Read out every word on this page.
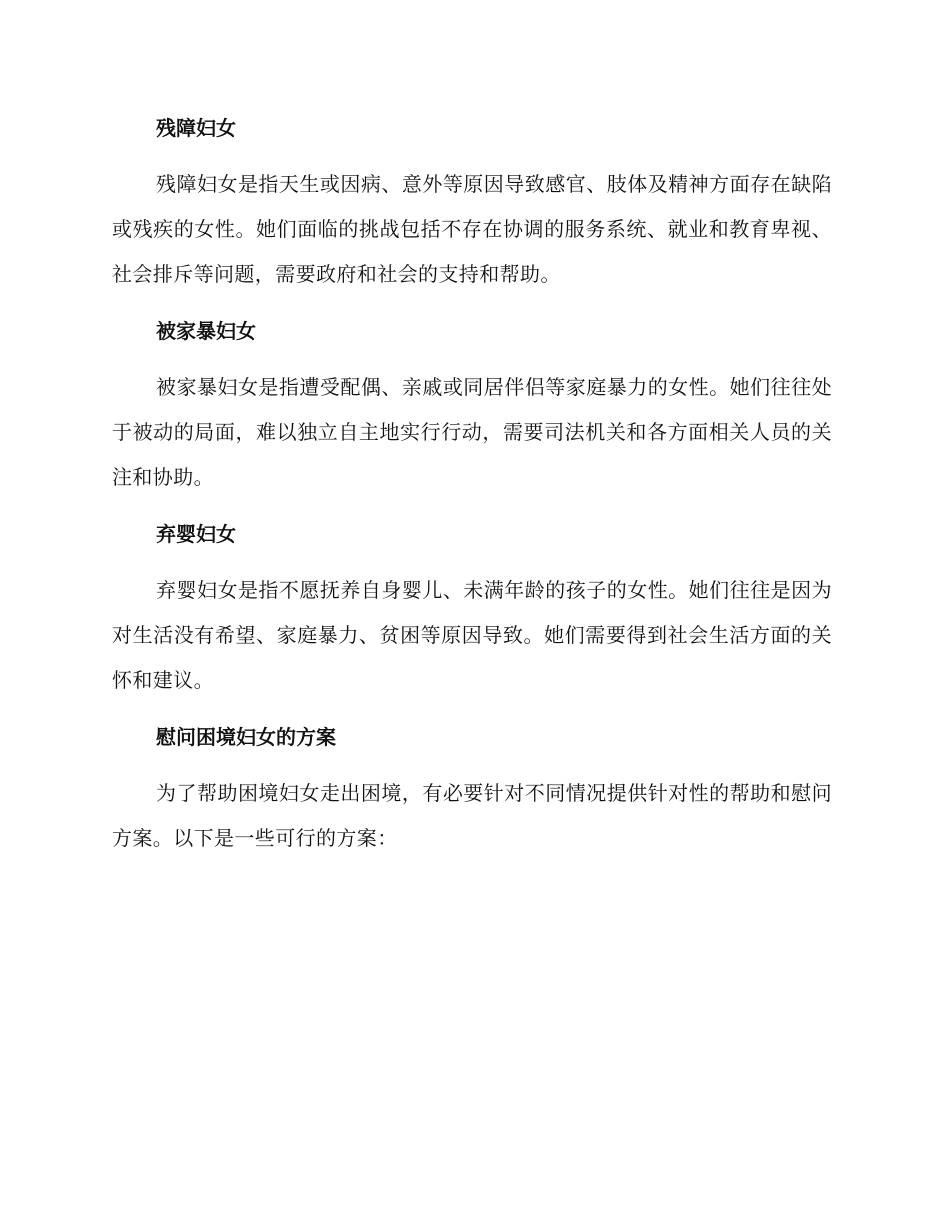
残障妇女

残障妇女是指天生或因病、意外等原因导致感官、肢体及精神方面存在缺陷或残疾的女性。她们面临的挑战包括不存在协调的服务系统、就业和教育卑视、社会排斥等问题，需要政府和社会的支持和帮助。

被家暴妇女

被家暴妇女是指遭受配偶、亲戚或同居伴侣等家庭暴力的女性。她们往往处于被动的局面，难以独立自主地实行行动，需要司法机关和各方面相关人员的关注和协助。

弃婴妇女

弃婴妇女是指不愿抚养自身婴儿、未满年龄的孩子的女性。她们往往是因为对生活没有希望、家庭暴力、贫困等原因导致。她们需要得到社会生活方面的关怀和建议。

慰问困境妇女的方案

为了帮助困境妇女走出困境，有必要针对不同情况提供针对性的帮助和慰问方案。以下是一些可行的方案：
